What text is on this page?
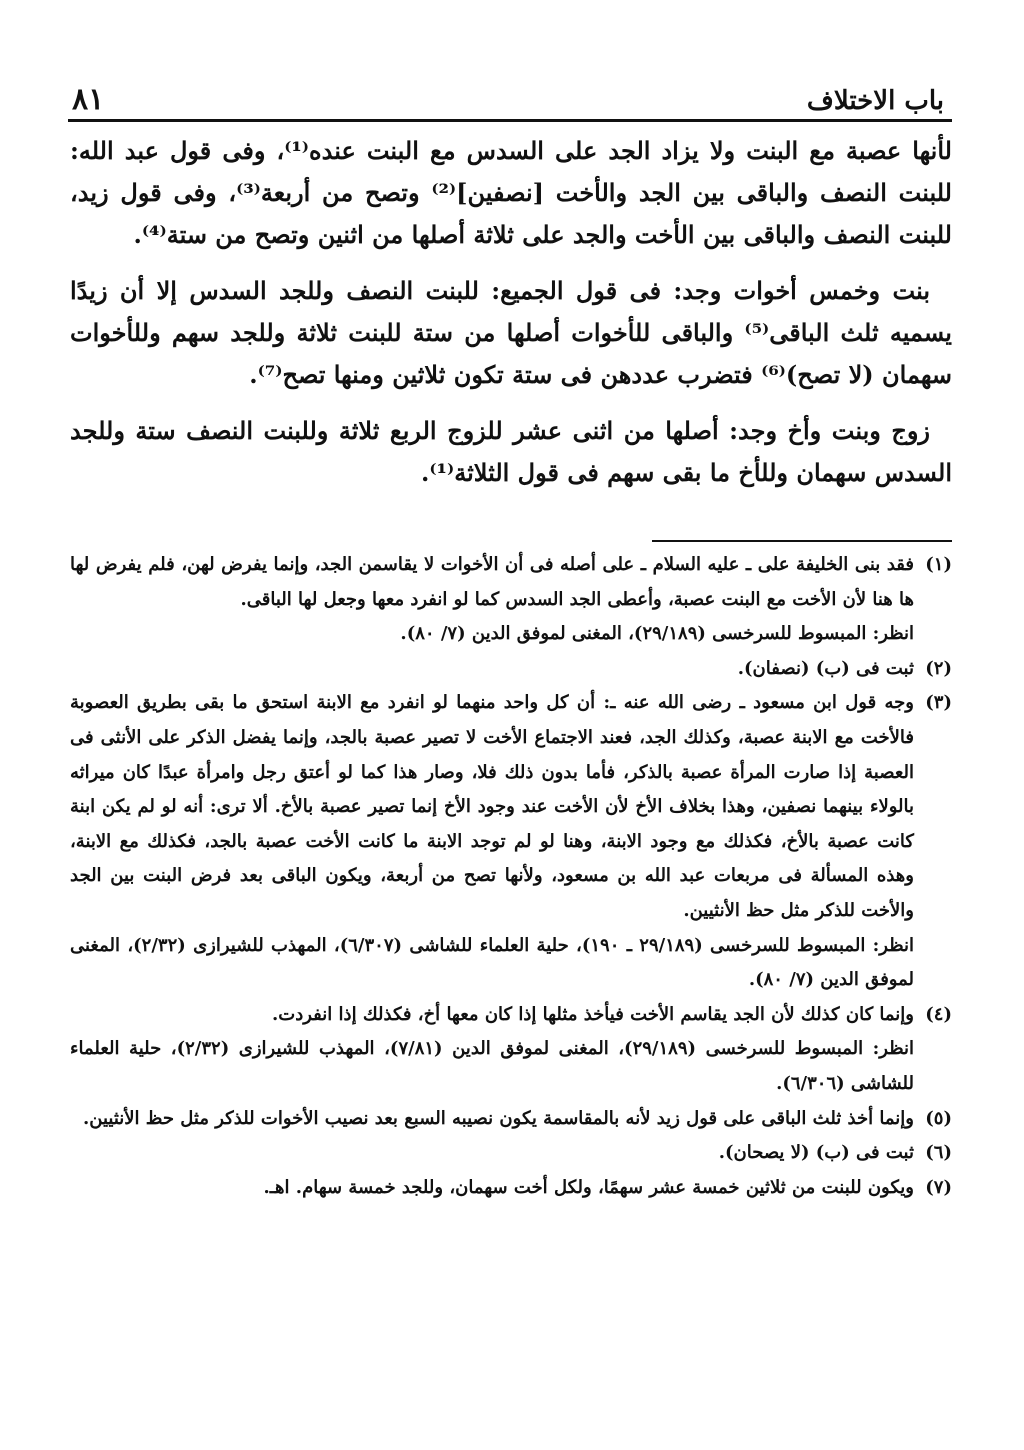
باب الاختلاف
٨١

لأنها عصبة مع البنت ولا يزاد الجد على السدس مع البنت عنده⁽¹⁾، وفى قول عبد الله: للبنت النصف والباقى بين الجد والأخت [نصفين]⁽²⁾ وتصح من أربعة⁽³⁾، وفى قول زيد، للبنت النصف والباقى بين الأخت والجد على ثلاثة أصلها من اثنين وتصح من ستة⁽⁴⁾.

بنت وخمس أخوات وجد: فى قول الجميع: للبنت النصف وللجد السدس إلا أن زيدًا يسميه ثلث الباقى⁽⁵⁾ والباقى للأخوات أصلها من ستة للبنت ثلاثة وللجد سهم وللأخوات سهمان (لا تصح)⁽⁶⁾ فتضرب عددهن فى ستة تكون ثلاثين ومنها تصح⁽⁷⁾.

زوج وبنت وأخ وجد: أصلها من اثنى عشر للزوج الربع ثلاثة وللبنت النصف ستة وللجد السدس سهمان وللأخ ما بقى سهم فى قول الثلاثة⁽¹⁾.

(١)
فقد بنى الخليفة على ـ عليه السلام ـ على أصله فى أن الأخوات لا يقاسمن الجد، وإنما يفرض لهن، فلم يفرض لها ها هنا لأن الأخت مع البنت عصبة، وأعطى الجد السدس كما لو انفرد معها وجعل لها الباقى.
انظر: المبسوط للسرخسى (٢٩/١٨٩)، المغنى لموفق الدين (٧/ ٨٠).
(٢)
ثبت فى (ب) (نصفان).
(٣)
وجه قول ابن مسعود ـ رضى الله عنه ـ: أن كل واحد منهما لو انفرد مع الابنة استحق ما بقى بطريق العصوبة فالأخت مع الابنة عصبة، وكذلك الجد، فعند الاجتماع الأخت لا تصير عصبة بالجد، وإنما يفضل الذكر على الأنثى فى العصبة إذا صارت المرأة عصبة بالذكر، فأما بدون ذلك فلا، وصار هذا كما لو أعتق رجل وامرأة عبدًا كان ميراثه بالولاء بينهما نصفين، وهذا بخلاف الأخ لأن الأخت عند وجود الأخ إنما تصير عصبة بالأخ. ألا ترى: أنه لو لم يكن ابنة كانت عصبة بالأخ، فكذلك مع وجود الابنة، وهنا لو لم توجد الابنة ما كانت الأخت عصبة بالجد، فكذلك مع الابنة، وهذه المسألة فى مربعات عبد الله بن مسعود، ولأنها تصح من أربعة، ويكون الباقى بعد فرض البنت بين الجد والأخت للذكر مثل حظ الأنثيين.
انظر: المبسوط للسرخسى (٢٩/١٨٩ ـ ١٩٠)، حلية العلماء للشاشى (٦/٣٠٧)، المهذب للشيرازى (٢/٣٢)، المغنى لموفق الدين (٧/ ٨٠).
(٤)
وإنما كان كذلك لأن الجد يقاسم الأخت فيأخذ مثلها إذا كان معها أخ، فكذلك إذا انفردت.
انظر: المبسوط للسرخسى (٢٩/١٨٩)، المغنى لموفق الدين (٧/٨١)، المهذب للشيرازى (٢/٣٢)، حلية العلماء للشاشى (٦/٣٠٦).
(٥)
وإنما أخذ ثلث الباقى على قول زيد لأنه بالمقاسمة يكون نصيبه السبع بعد نصيب الأخوات للذكر مثل حظ الأنثيين.
(٦)
ثبت فى (ب) (لا يصحان).
(٧)
ويكون للبنت من ثلاثين خمسة عشر سهمًا، ولكل أخت سهمان، وللجد خمسة سهام. اهـ.
